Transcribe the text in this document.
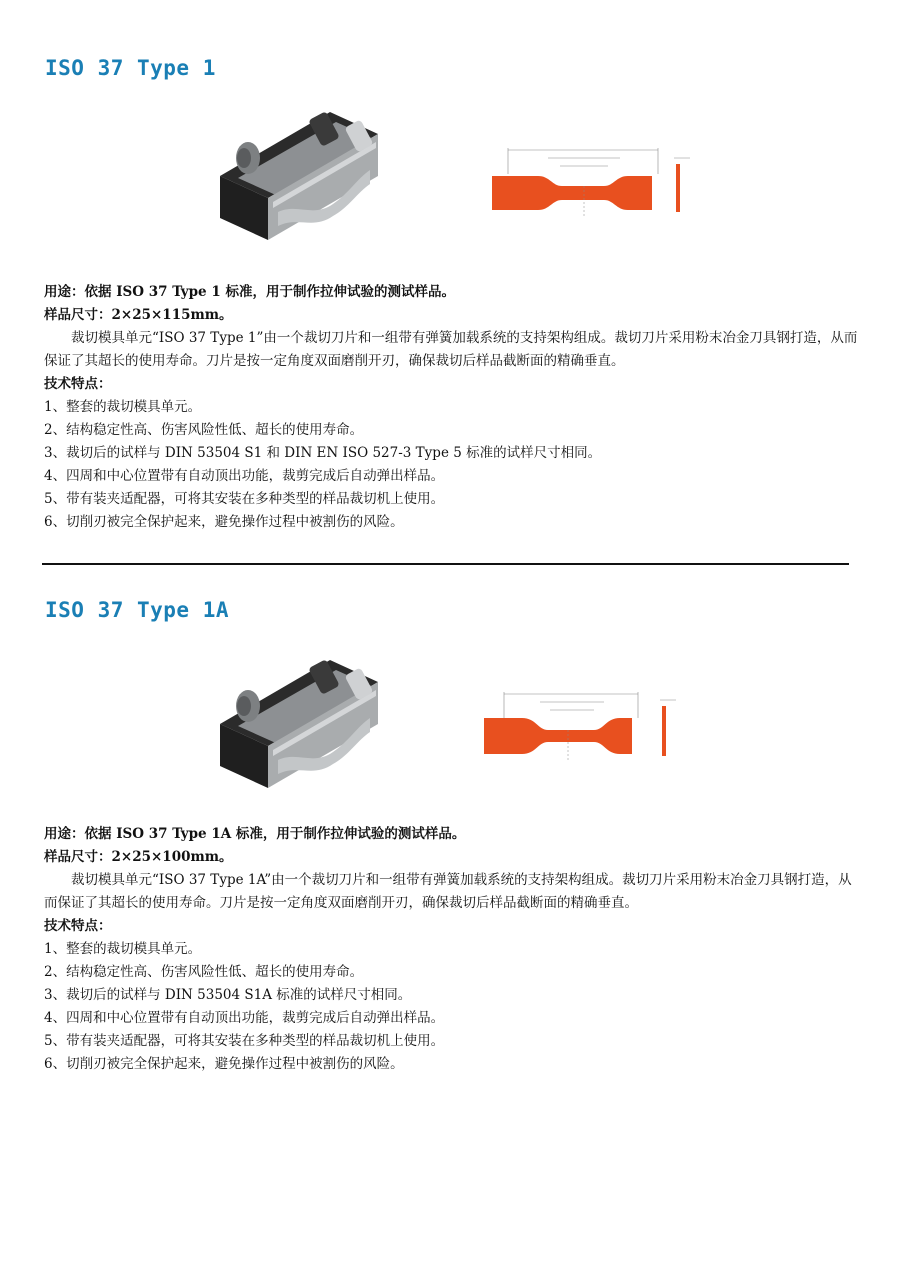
ISO 37 Type 1
用途：依据 ISO 37 Type 1 标准，用于制作拉伸试验的测试样品。
样品尺寸：2×25×115mm。
裁切模具单元“ISO 37 Type 1”由一个裁切刀片和一组带有弹簧加载系统的支持架构组成。裁切刀片采用粉末冶金刀具钢打造，从而保证了其超长的使用寿命。刀片是按一定角度双面磨削开刃，确保裁切后样品截断面的精确垂直。
技术特点：
1、整套的裁切模具单元。
2、结构稳定性高、伤害风险性低、超长的使用寿命。
3、裁切后的试样与 DIN 53504 S1 和 DIN EN ISO 527-3 Type 5 标准的试样尺寸相同。
4、四周和中心位置带有自动顶出功能，裁剪完成后自动弹出样品。
5、带有装夹适配器，可将其安装在多种类型的样品裁切机上使用。
6、切削刃被完全保护起来，避免操作过程中被割伤的风险。
ISO 37 Type 1A
用途：依据 ISO 37 Type 1A 标准，用于制作拉伸试验的测试样品。
样品尺寸：2×25×100mm。
裁切模具单元“ISO 37 Type 1A”由一个裁切刀片和一组带有弹簧加载系统的支持架构组成。裁切刀片采用粉末冶金刀具钢打造，从而保证了其超长的使用寿命。刀片是按一定角度双面磨削开刃，确保裁切后样品截断面的精确垂直。
技术特点：
1、整套的裁切模具单元。
2、结构稳定性高、伤害风险性低、超长的使用寿命。
3、裁切后的试样与 DIN 53504 S1A 标准的试样尺寸相同。
4、四周和中心位置带有自动顶出功能，裁剪完成后自动弹出样品。
5、带有装夹适配器，可将其安装在多种类型的样品裁切机上使用。
6、切削刃被完全保护起来，避免操作过程中被割伤的风险。
